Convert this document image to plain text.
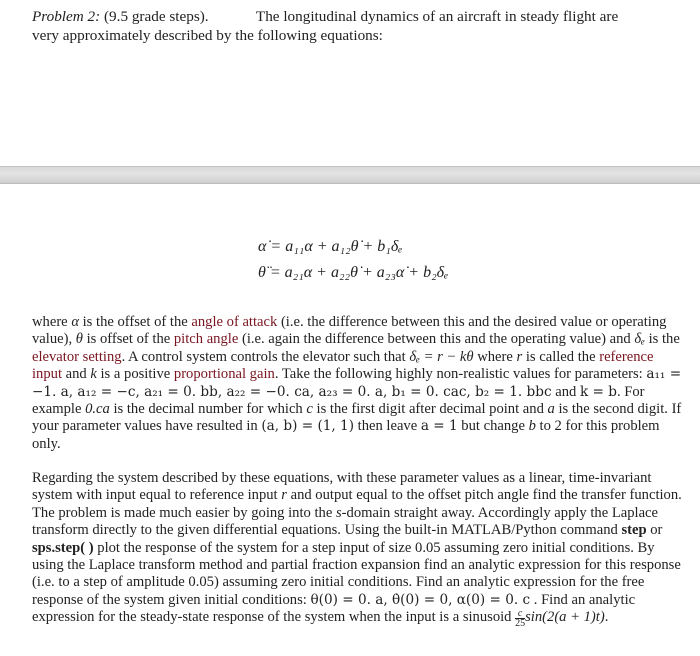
Problem 2: (9.5 grade steps).	The longitudinal dynamics of an aircraft in steady flight are
very approximately described by the following equations:
α̇ = a₁₁α + a₁₂θ̇ + b₁δₑ
θ̈ = a₂₁α + a₂₂θ̇ + a₂₃α̇ + b₂δₑ
where α is the offset of the angle of attack (i.e. the difference between this and the desired value or operating value), θ is offset of the pitch angle (i.e. again the difference between this and the operating value) and δₑ is the elevator setting. A control system controls the elevator such that δₑ = r − kθ where r is called the reference input and k is a positive proportional gain. Take the following highly non-realistic values for parameters: a₁₁ = −1. a, a₁₂ = −c, a₂₁ = 0. bb, a₂₂ = −0. ca, a₂₃ = 0. a, b₁ = 0. cac, b₂ = 1. bbc and k = b. For example 0.ca is the decimal number for which c is the first digit after decimal point and a is the second digit. If your parameter values have resulted in (a, b) = (1, 1) then leave a = 1 but change b to 2 for this problem only.
Regarding the system described by these equations, with these parameter values as a linear, time-invariant system with input equal to reference input r and output equal to the offset pitch angle find the transfer function. The problem is made much easier by going into the s-domain straight away. Accordingly apply the Laplace transform directly to the given differential equations. Using the built-in MATLAB/Python command step or sps.step( ) plot the response of the system for a step input of size 0.05 assuming zero initial conditions. By using the Laplace transform method and partial fraction expansion find an analytic expression for this response (i.e. to a step of amplitude 0.05) assuming zero initial conditions. Find an analytic expression for the free response of the system given initial conditions: θ(0) = 0. a, θ̇(0) = 0, α(0) = 0. c . Find an analytic expression for the steady-state response of the system when the input is a sinusoid $\frac{c}{25} \sin(2(a + 1)t)$.
